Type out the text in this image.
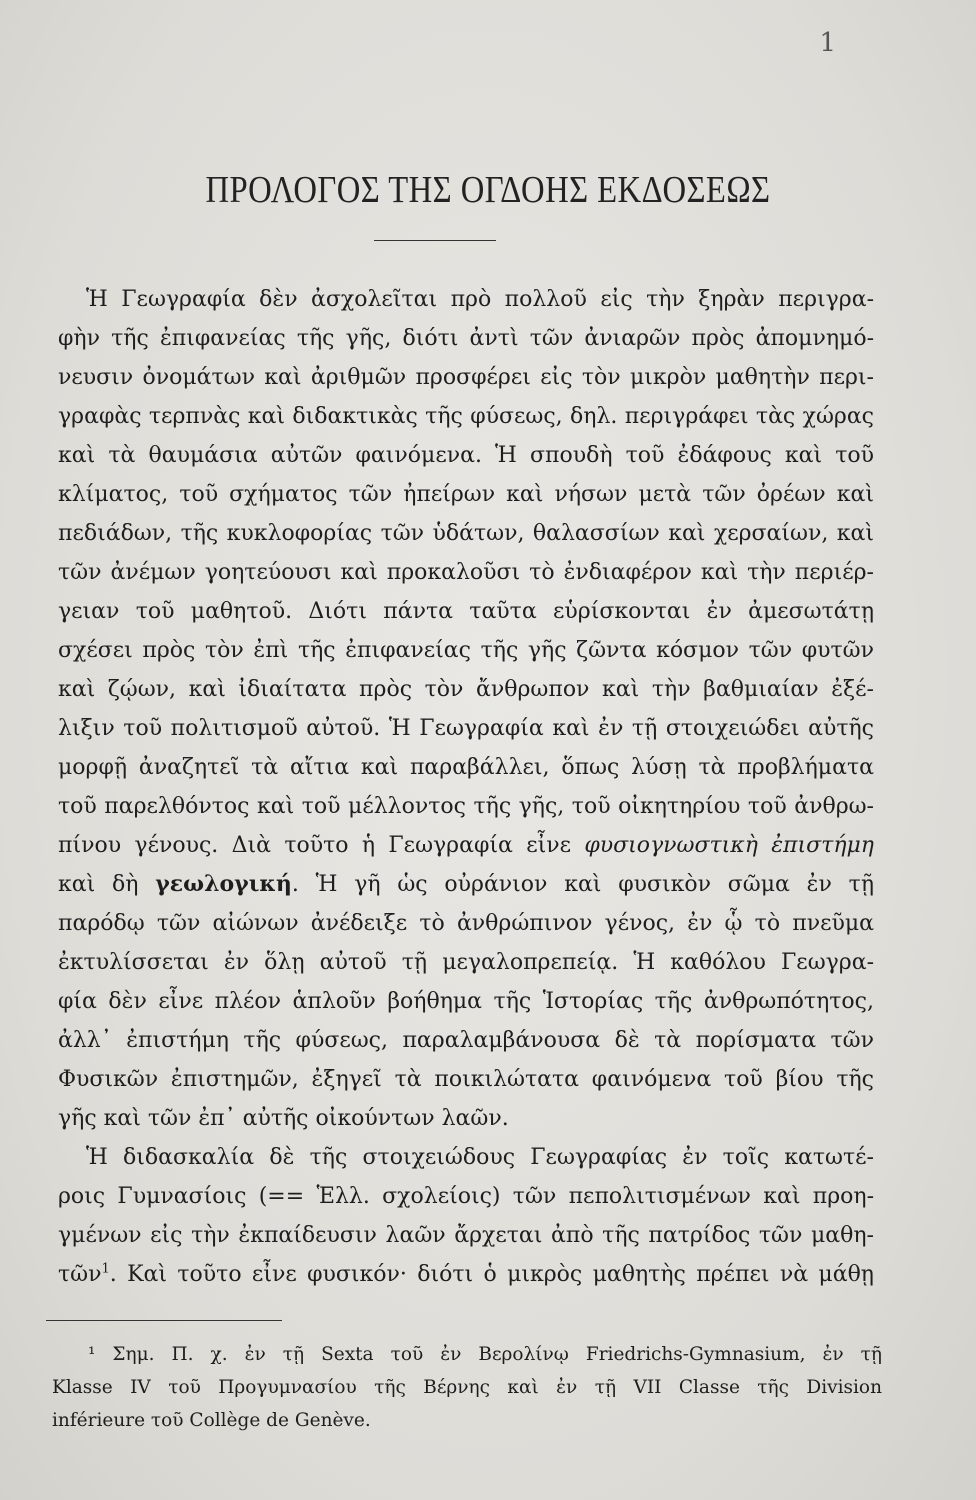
1
ΠΡΟΛΟΓΟΣ ΤΗΣ ΟΓΔΟΗΣ ΕΚΔΟΣΕΩΣ
Ἡ Γεωγραφία δὲν ἀσχολεῖται πρὸ πολλοῦ εἰς τὴν ξηρὰν περιγρα-
φὴν τῆς ἐπιφανείας τῆς γῆς, διότι ἀντὶ τῶν ἀνιαρῶν πρὸς ἀπομνημό-
νευσιν ὀνομάτων καὶ ἀριθμῶν προσφέρει εἰς τὸν μικρὸν μαθητὴν περι-
γραφὰς τερπνὰς καὶ διδακτικὰς τῆς φύσεως, δηλ. περιγράφει τὰς χώρας
καὶ τὰ θαυμάσια αὐτῶν φαινόμενα. Ἡ σπουδὴ τοῦ ἐδάφους καὶ τοῦ
κλίματος, τοῦ σχήματος τῶν ἠπείρων καὶ νήσων μετὰ τῶν ὀρέων καὶ
πεδιάδων, τῆς κυκλοφορίας τῶν ὑδάτων, θαλασσίων καὶ χερσαίων, καὶ
τῶν ἀνέμων γοητεύουσι καὶ προκαλοῦσι τὸ ἐνδιαφέρον καὶ τὴν περιέρ-
γειαν τοῦ μαθητοῦ. Διότι πάντα ταῦτα εὑρίσκονται ἐν ἀμεσωτάτῃ
σχέσει πρὸς τὸν ἐπὶ τῆς ἐπιφανείας τῆς γῆς ζῶντα κόσμον τῶν φυτῶν
καὶ ζῴων, καὶ ἰδιαίτατα πρὸς τὸν ἄνθρωπον καὶ τὴν βαθμιαίαν ἐξέ-
λιξιν τοῦ πολιτισμοῦ αὐτοῦ. Ἡ Γεωγραφία καὶ ἐν τῇ στοιχειώδει αὐτῆς
μορφῇ ἀναζητεῖ τὰ αἴτια καὶ παραβάλλει, ὅπως λύσῃ τὰ προβλήματα
τοῦ παρελθόντος καὶ τοῦ μέλλοντος τῆς γῆς, τοῦ οἰκητηρίου τοῦ ἀνθρω-
πίνου γένους. Διὰ τοῦτο ἡ Γεωγραφία εἶνε φυσιογνωστικὴ ἐπιστήμη
καὶ δὴ γεωλογική. Ἡ γῆ ὡς οὐράνιον καὶ φυσικὸν σῶμα ἐν τῇ
παρόδῳ τῶν αἰώνων ἀνέδειξε τὸ ἀνθρώπινον γένος, ἐν ᾧ τὸ πνεῦμα
ἐκτυλίσσεται ἐν ὅλῃ αὐτοῦ τῇ μεγαλοπρεπείᾳ. Ἡ καθόλου Γεωγρα-
φία δὲν εἶνε πλέον ἁπλοῦν βοήθημα τῆς Ἱστορίας τῆς ἀνθρωπότητος,
ἀλλ᾿ ἐπιστήμη τῆς φύσεως, παραλαμβάνουσα δὲ τὰ πορίσματα τῶν
Φυσικῶν ἐπιστημῶν, ἐξηγεῖ τὰ ποικιλώτατα φαινόμενα τοῦ βίου τῆς
γῆς καὶ τῶν ἐπ᾿ αὐτῆς οἰκούντων λαῶν.
Ἡ διδασκαλία δὲ τῆς στοιχειώδους Γεωγραφίας ἐν τοῖς κατωτέ-
ροις Γυμνασίοις (== Ἑλλ. σχολείοις) τῶν πεπολιτισμένων καὶ προη-
γμένων εἰς τὴν ἐκπαίδευσιν λαῶν ἄρχεται ἀπὸ τῆς πατρίδος τῶν μαθη-
τῶν$^1$. Καὶ τοῦτο εἶνε φυσικόν· διότι ὁ μικρὸς μαθητὴς πρέπει νὰ μάθῃ
¹ Σημ. Π. χ. ἐν τῇ Sexta τοῦ ἐν Βερολίνῳ Friedrichs-Gymnasium, ἐν τῇ
Klasse IV τοῦ Προγυμνασίου τῆς Βέρνης καὶ ἐν τῇ VII Classe τῆς Division
inférieure τοῦ Collège de Genève.
